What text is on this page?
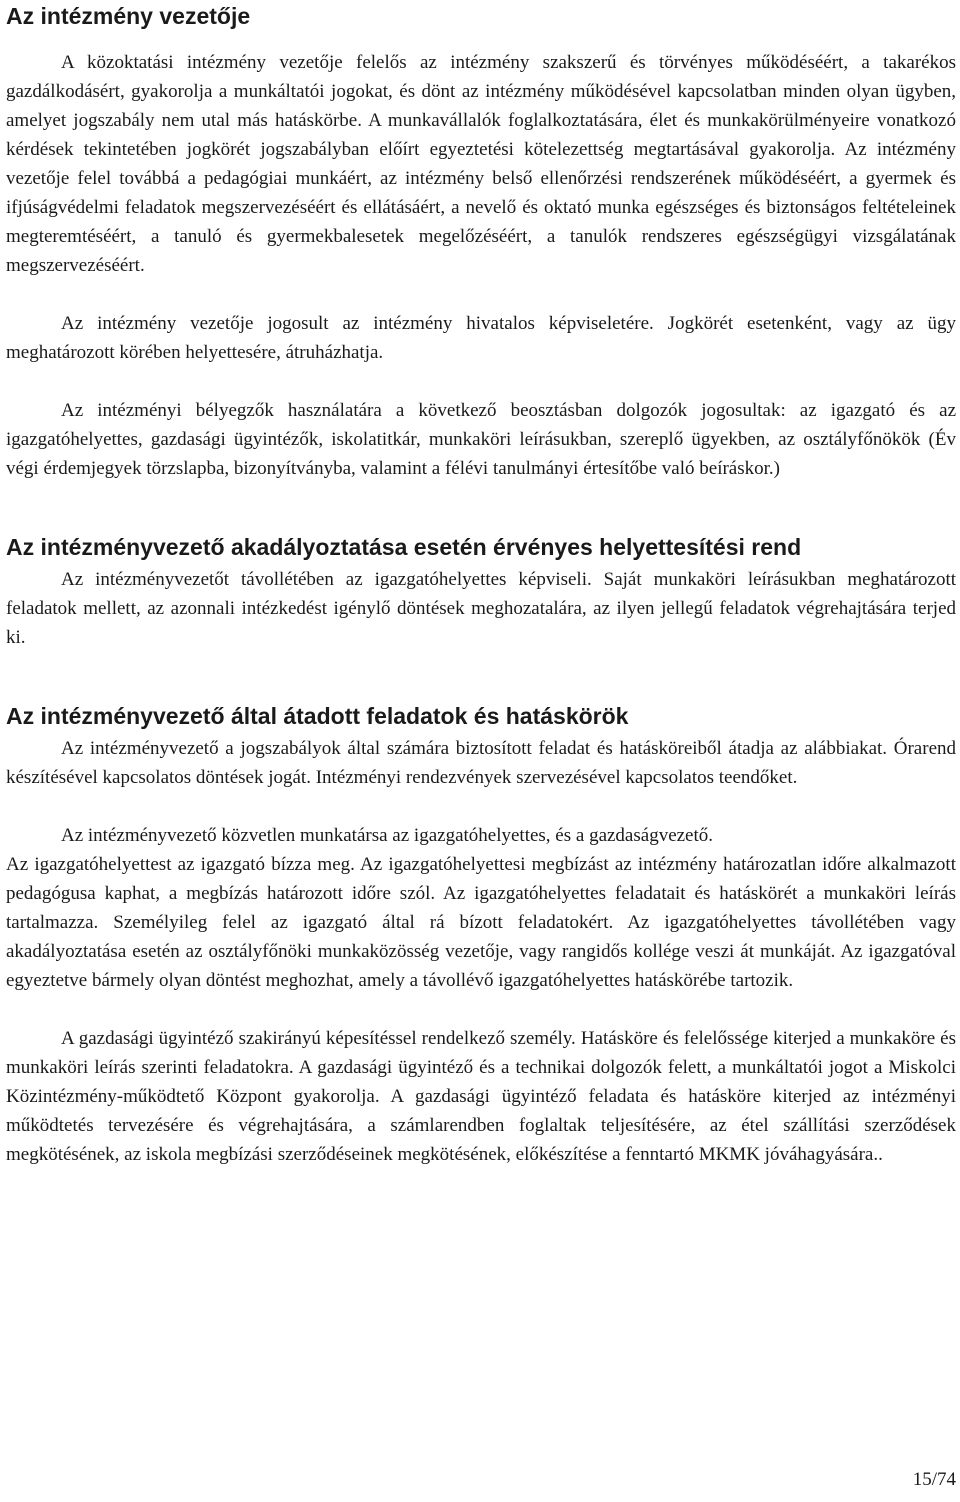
Az intézmény vezetője

A közoktatási intézmény vezetője felelős az intézmény szakszerű és törvényes működéséért, a takarékos gazdálkodásért, gyakorolja a munkáltatói jogokat, és dönt az intézmény működésével kapcsolatban minden olyan ügyben, amelyet jogszabály nem utal más hatáskörbe. A munkavállalók foglalkoztatására, élet és munkakörülményeire vonatkozó kérdések tekintetében jogkörét jogszabályban előírt egyeztetési kötelezettség megtartásával gyakorolja. Az intézmény vezetője felel továbbá a pedagógiai munkáért, az intézmény belső ellenőrzési rendszerének működéséért, a gyermek és ifjúságvédelmi feladatok megszervezéséért és ellátásáért, a nevelő és oktató munka egészséges és biztonságos feltételeinek megteremtéséért, a tanuló és gyermekbalesetek megelőzéséért, a tanulók rendszeres egészségügyi vizsgálatának megszervezéséért.

Az intézmény vezetője jogosult az intézmény hivatalos képviseletére. Jogkörét esetenként, vagy az ügy meghatározott körében helyettesére, átruházhatja.

Az intézményi bélyegzők használatára a következő beosztásban dolgozók jogosultak: az igazgató és az igazgatóhelyettes, gazdasági ügyintézők, iskolatitkár, munkaköri leírásukban, szereplő ügyekben, az osztályfőnökök (Év végi érdemjegyek törzslapba, bizonyítványba, valamint a félévi tanulmányi értesítőbe való beíráskor.)

Az intézményvezető akadályoztatása esetén érvényes helyettesítési rend

Az intézményvezetőt távollétében az igazgatóhelyettes képviseli. Saját munkaköri leírásukban meghatározott feladatok mellett, az azonnali intézkedést igénylő döntések meghozatalára, az ilyen jellegű feladatok végrehajtására terjed ki.

Az intézményvezető által átadott feladatok és hatáskörök

Az intézményvezető a jogszabályok által számára biztosított feladat és hatásköreiből átadja az alábbiakat. Órarend készítésével kapcsolatos döntések jogát. Intézményi rendezvények szervezésével kapcsolatos teendőket.

Az intézményvezető közvetlen munkatársa az igazgatóhelyettes, és a gazdaságvezető.

Az igazgatóhelyettest az igazgató bízza meg. Az igazgatóhelyettesi megbízást az intézmény határozatlan időre alkalmazott pedagógusa kaphat, a megbízás határozott időre szól. Az igazgatóhelyettes feladatait és hatáskörét a munkaköri leírás tartalmazza. Személyileg felel az igazgató által rá bízott feladatokért. Az igazgatóhelyettes távollétében vagy akadályoztatása esetén az osztályfőnöki munkaközösség vezetője, vagy rangidős kollége veszi át munkáját. Az igazgatóval egyeztetve bármely olyan döntést meghozhat, amely a távollévő igazgatóhelyettes hatáskörébe tartozik.

A gazdasági ügyintéző szakirányú képesítéssel rendelkező személy. Hatásköre és felelőssége kiterjed a munkaköre és munkaköri leírás szerinti feladatokra. A gazdasági ügyintéző és a technikai dolgozók felett, a munkáltatói jogot a Miskolci Közintézmény-működtető Központ gyakorolja. A gazdasági ügyintéző feladata és hatásköre kiterjed az intézményi működtetés tervezésére és végrehajtására, a számlarendben foglaltak teljesítésére, az étel szállítási szerződések megkötésének, az iskola megbízási szerződéseinek megkötésének, előkészítése a fenntartó MKMK jóváhagyására..

15/74
